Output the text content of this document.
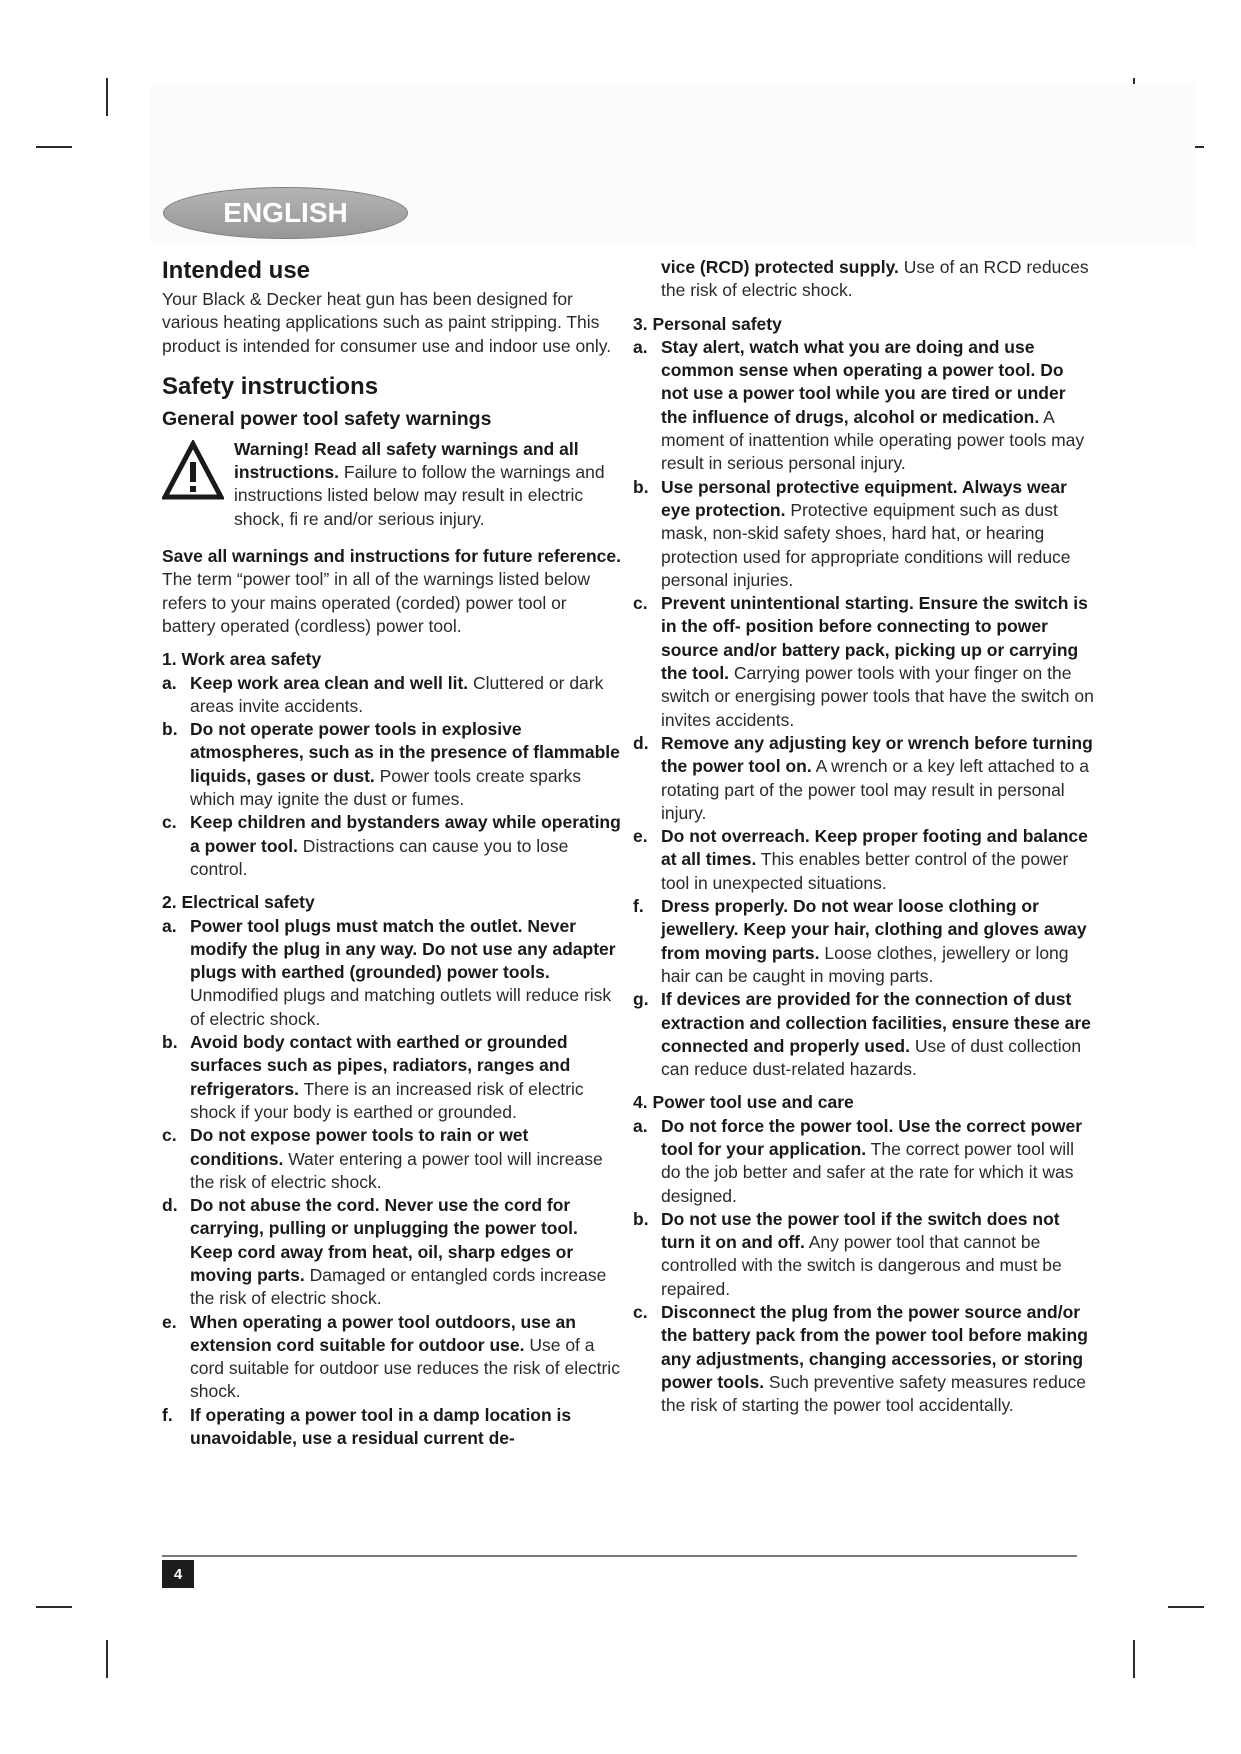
ENGLISH
Intended use

Your Black & Decker heat gun has been designed for various heating applications such as paint stripping. This product is intended for consumer use and indoor use only.

Safety instructions
General power tool safety warnings
Warning! Read all safety warnings and all instructions. Failure to follow the warnings and instructions listed below may result in electric shock, fi re and/or serious injury.

Save all warnings and instructions for future reference. The term “power tool” in all of the warnings listed below refers to your mains operated (corded) power tool or battery operated (cordless) power tool.

1. Work area safety
a. Keep work area clean and well lit. Cluttered or dark areas invite accidents.
b. Do not operate power tools in explosive atmospheres, such as in the presence of flammable liquids, gases or dust. Power tools create sparks which may ignite the dust or fumes.
c. Keep children and bystanders away while operating a power tool. Distractions can cause you to lose control.
2. Electrical safety
a. Power tool plugs must match the outlet. Never modify the plug in any way. Do not use any adapter plugs with earthed (grounded) power tools. Unmodified plugs and matching outlets will reduce risk of electric shock.
b. Avoid body contact with earthed or grounded surfaces such as pipes, radiators, ranges and refrigerators. There is an increased risk of electric shock if your body is earthed or grounded.
c. Do not expose power tools to rain or wet conditions. Water entering a power tool will increase the risk of electric shock.
d. Do not abuse the cord. Never use the cord for carrying, pulling or unplugging the power tool. Keep cord away from heat, oil, sharp edges or moving parts. Damaged or entangled cords increase the risk of electric shock.
e. When operating a power tool outdoors, use an extension cord suitable for outdoor use. Use of a cord suitable for outdoor use reduces the risk of electric shock.
f. If operating a power tool in a damp location is unavoidable, use a residual current de-
vice (RCD) protected supply. Use of an RCD reduces the risk of electric shock.
3. Personal safety
a. Stay alert, watch what you are doing and use common sense when operating a power tool. Do not use a power tool while you are tired or under the influence of drugs, alcohol or medication. A moment of inattention while operating power tools may result in serious personal injury.
b. Use personal protective equipment. Always wear eye protection. Protective equipment such as dust mask, non-skid safety shoes, hard hat, or hearing protection used for appropriate conditions will reduce personal injuries.
c. Prevent unintentional starting. Ensure the switch is in the off- position before connecting to power source and/or battery pack, picking up or carrying the tool. Carrying power tools with your finger on the switch or energising power tools that have the switch on invites accidents.
d. Remove any adjusting key or wrench before turning the power tool on. A wrench or a key left attached to a rotating part of the power tool may result in personal injury.
e. Do not overreach. Keep proper footing and balance at all times. This enables better control of the power tool in unexpected situations.
f. Dress properly. Do not wear loose clothing or jewellery. Keep your hair, clothing and gloves away from moving parts. Loose clothes, jewellery or long hair can be caught in moving parts.
g. If devices are provided for the connection of dust extraction and collection facilities, ensure these are connected and properly used. Use of dust collection can reduce dust-related hazards.
4. Power tool use and care
a. Do not force the power tool. Use the correct power tool for your application. The correct power tool will do the job better and safer at the rate for which it was designed.
b. Do not use the power tool if the switch does not turn it on and off. Any power tool that cannot be controlled with the switch is dangerous and must be repaired.
c. Disconnect the plug from the power source and/or the battery pack from the power tool before making any adjustments, changing accessories, or storing power tools. Such preventive safety measures reduce the risk of starting the power tool accidentally.
4
